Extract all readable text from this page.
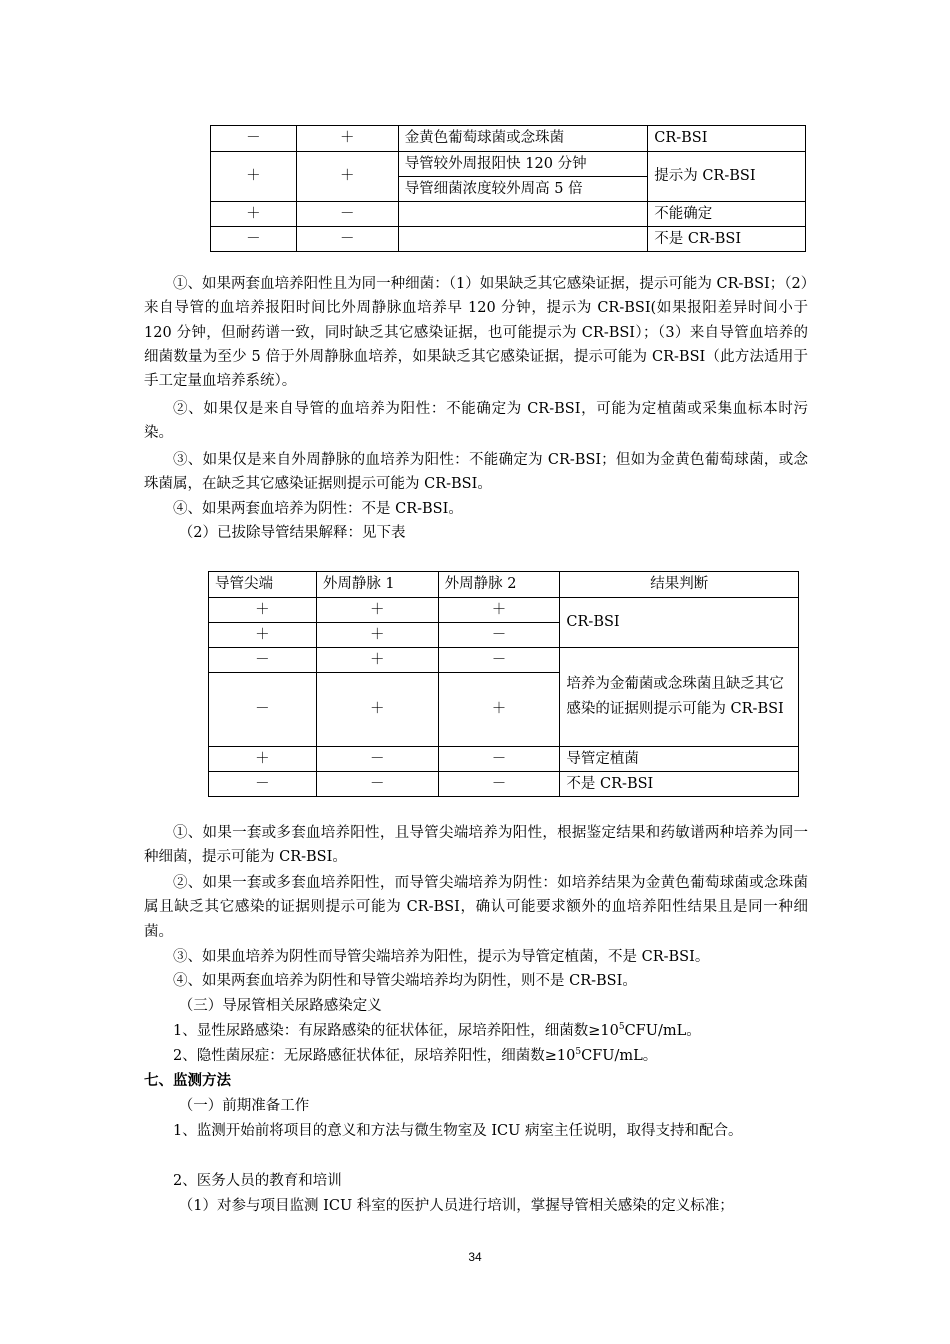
－	＋	金黄色葡萄球菌或念珠菌	CR-BSI
＋	＋	导管较外周报阳快 120 分钟	提示为 CR-BSI
		导管细菌浓度较外周高 5 倍	
＋	－		不能确定
－	－		不是 CR-BSI
①、如果两套血培养阳性且为同一种细菌：（1）如果缺乏其它感染证据，提示可能为 CR-BSI；（2）来自导管的血培养报阳时间比外周静脉血培养早 120 分钟，提示为 CR-BSI(如果报阳差异时间小于 120 分钟，但耐药谱一致，同时缺乏其它感染证据，也可能提示为 CR-BSI）；（3）来自导管血培养的细菌数量为至少 5 倍于外周静脉血培养，如果缺乏其它感染证据，提示可能为 CR-BSI（此方法适用于手工定量血培养系统）。
②、如果仅是来自导管的血培养为阳性：不能确定为 CR-BSI，可能为定植菌或采集血标本时污染。
③、如果仅是来自外周静脉的血培养为阳性：不能确定为 CR-BSI；但如为金黄色葡萄球菌，或念珠菌属，在缺乏其它感染证据则提示可能为 CR-BSI。
④、如果两套血培养为阴性：不是 CR-BSI。
（2）已拔除导管结果解释：见下表
导管尖端	外周静脉 1	外周静脉 2	结果判断
＋	＋	＋	CR-BSI
＋	＋	－	
－	＋	－	培养为金葡菌或念珠菌且缺乏其它感染的证据则提示可能为 CR-BSI
－	＋	＋	
＋	－	－	导管定植菌
－	－	－	不是 CR-BSI
①、如果一套或多套血培养阳性，且导管尖端培养为阳性，根据鉴定结果和药敏谱两种培养为同一种细菌，提示可能为 CR-BSI。
②、如果一套或多套血培养阳性，而导管尖端培养为阴性：如培养结果为金黄色葡萄球菌或念珠菌属且缺乏其它感染的证据则提示可能为 CR-BSI，确认可能要求额外的血培养阳性结果且是同一种细菌。
③、如果血培养为阴性而导管尖端培养为阳性，提示为导管定植菌，不是 CR-BSI。
④、如果两套血培养为阴性和导管尖端培养均为阴性，则不是 CR-BSI。
（三）导尿管相关尿路感染定义
1、显性尿路感染：有尿路感染的征状体征，尿培养阳性，细菌数$\ge 10^5CFU/mL$。
2、隐性菌尿症：无尿路感征状体征，尿培养阳性，细菌数$\ge 10^5CFU/mL$。
七、监测方法
（一）前期准备工作
1、监测开始前将项目的意义和方法与微生物室及 ICU 病室主任说明，取得支持和配合。
2、医务人员的教育和培训
（1）对参与项目监测 ICU 科室的医护人员进行培训，掌握导管相关感染的定义标准；
34
